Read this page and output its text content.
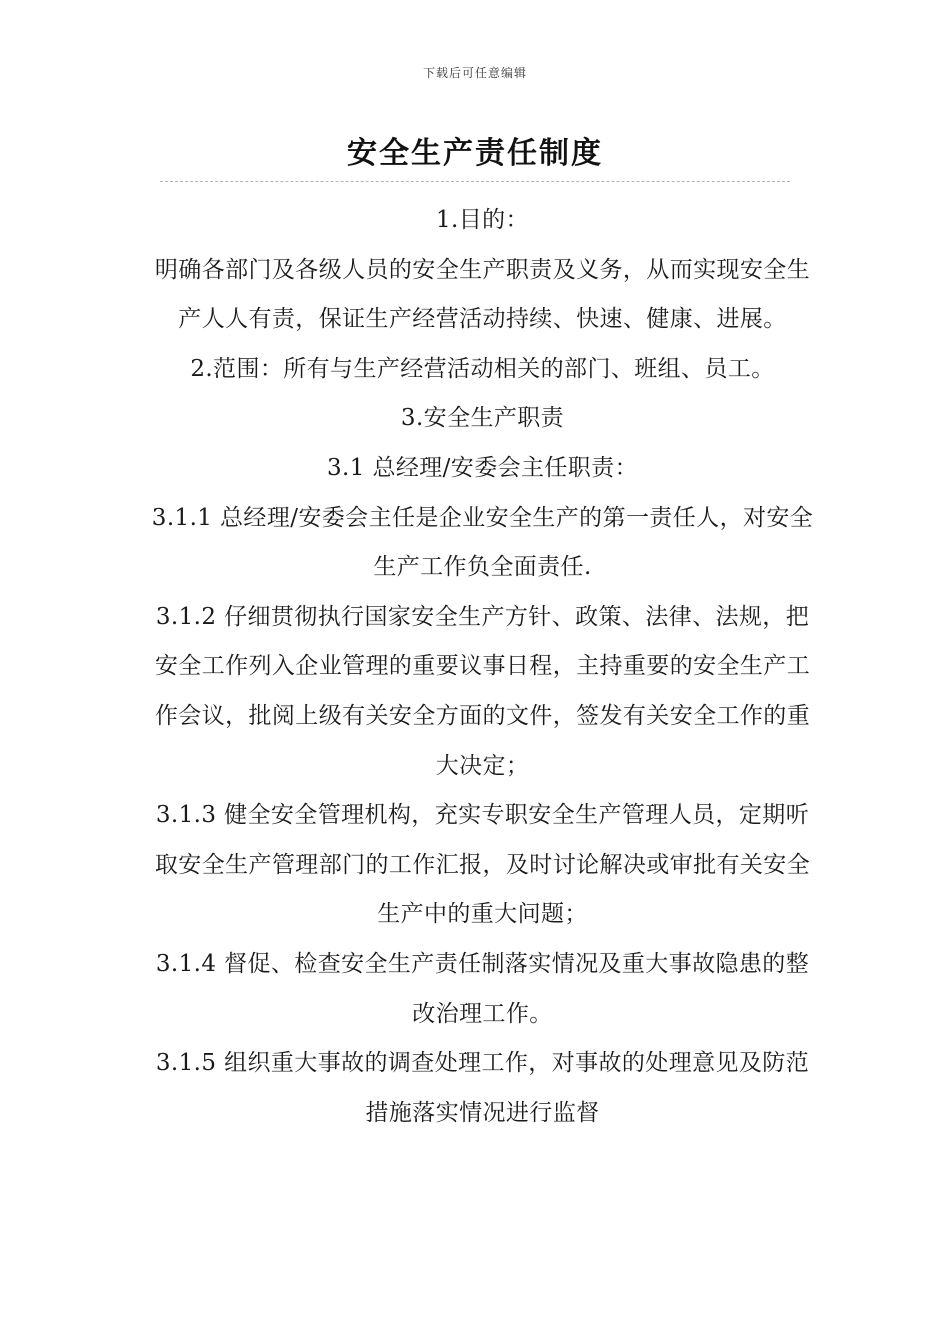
下载后可任意编辑
安全生产责任制度

1.目的：

明确各部门及各级人员的安全生产职责及义务，从而实现安全生产人人有责，保证生产经营活动持续、快速、健康、进展。

2.范围：所有与生产经营活动相关的部门、班组、员工。

3.安全生产职责

3.1 总经理/安委会主任职责：

3.1.1 总经理/安委会主任是企业安全生产的第一责任人，对安全生产工作负全面责任.

3.1.2 仔细贯彻执行国家安全生产方针、政策、法律、法规，把安全工作列入企业管理的重要议事日程，主持重要的安全生产工作会议，批阅上级有关安全方面的文件，签发有关安全工作的重大决定；

3.1.3 健全安全管理机构，充实专职安全生产管理人员，定期听取安全生产管理部门的工作汇报，及时讨论解决或审批有关安全生产中的重大问题；

3.1.4 督促、检查安全生产责任制落实情况及重大事故隐患的整改治理工作。

3.1.5 组织重大事故的调查处理工作，对事故的处理意见及防范措施落实情况进行监督
